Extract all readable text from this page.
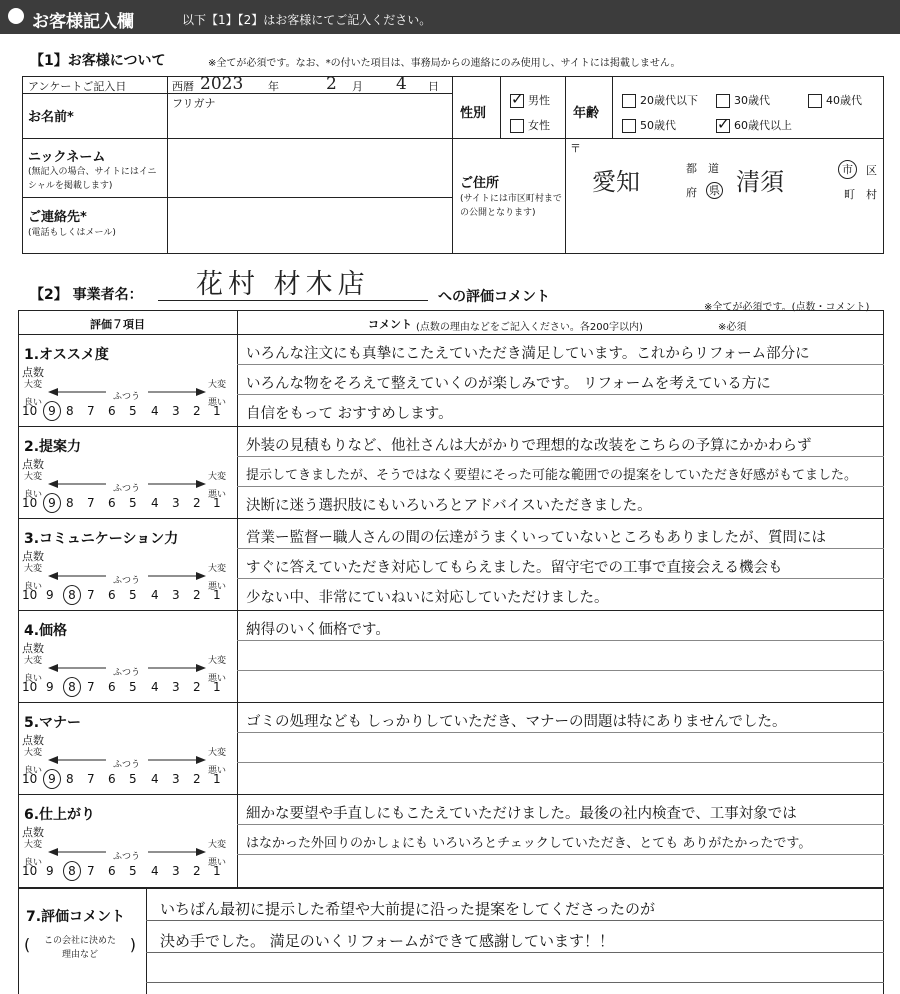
お客様記入欄	以下【1】【2】はお客様にてご記入ください。
【1】お客様について	※全てが必須です。なお、*の付いた項目は、事務局からの連絡にのみ使用し、サイトには掲載しません。
アンケートご記入日	西暦 2023 年	2 月 4 日
お名前*
フリガナ
性別
✓男性
女性
年齢
20歳代以下	30歳代	40歳代
50歳代
✓	60歳代以上
ニックネーム
(無記入の場合、サイトにはイニ
シャルを掲載します)
ご連絡先*
(電話もしくはメール)
ご住所
(サイトには市区町村まで
の公開となります)
〒
愛知	都 道
府 県 清須	市	区
町 村
【2】 事業者名： 花村 材木店	への評価コメント
※全てが必須です。(点数・コメント)
評価７項目	コメント (点数の理由などをご記入ください。各200字以内)	※必須
1.オススメ度
点数
大変
良い
大変
悪い
ふつう
10 9 8 7 6 5 4 3 2 1
いろんな注文にも真摯にこたえていただき満足しています。これからリフォーム部分に
いろんな物をそろえて整えていくのが楽しみです。 リフォームを考えている方に
自信をもって おすすめします。
2.提案力
点数
大変
良い
大変
悪い
ふつう
10 9 8 7 6 5 4 3 2 1
外装の見積もりなど、他社さんは大がかりで理想的な改装をこちらの予算にかかわらず
提示してきましたが、そうではなく要望にそった可能な範囲での提案をしていただき好感がもてました。
決断に迷う選択肢にもいろいろとアドバイスいただきました。
3.コミュニケーション力
点数
大変
良い
大変
悪い
ふつう
10 9	8 7 6 5 4 3 2 1
営業ー監督ー職人さんの間の伝達がうまくいっていないところもありましたが、質問には
すぐに答えていただき対応してもらえました。留守宅での工事で直接会える機会も
少ない中、非常にていねいに対応していただけました。
4.価格
点数
大変
良い
大変
悪い
ふつう
10 9	8 7 6 5 4 3 2 1
納得のいく価格です。
5.マナー
点数
大変
良い
大変
悪い
ふつう
10 9 8 7 6 5 4 3 2 1
ゴミの処理なども しっかりしていただき、マナーの問題は特にありませんでした。
6.仕上がり
点数
大変
良い
大変
悪い
ふつう
10 9	8 7 6 5 4 3 2 1
細かな要望や手直しにもこたえていただけました。最後の社内検査で、工事対象では
はなかった外回りのかしょにも いろいろとチェックしていただき、とても ありがたかったです。
7.評価コメント
( この会社に決めた
理由など
)
いちばん最初に提示した希望や大前提に沿った提案をしてくださったのが
決め手でした。 満足のいくリフォームができて感謝しています！！
